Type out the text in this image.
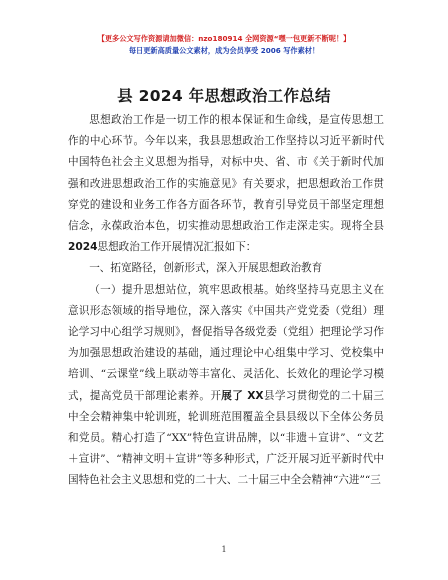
【更多公文写作资源请加微信：nzo180914 全网资源“嘿一包更新不断呢！】
每日更新高质量公文素材，成为会员享受 2006 写作素材！
县 2024 年思想政治工作总结

思想政治工作是一切工作的根本保证和生命线，是宣传思想工作的中心环节。今年以来，我县思想政治工作坚持以习近平新时代中国特色社会主义思想为指导，对标中央、省、市《关于新时代加强和改进思想政治工作的实施意见》有关要求，把思想政治工作贯穿党的建设和业务工作各方面各环节，教育引导党员干部坚定理想信念，永葆政治本色，切实推动思想政治工作走深走实。现将全县2024思想政治工作开展情况汇报如下：

一、拓宽路径，创新形式，深入开展思想政治教育

（一）提升思想站位，筑牢思政根基。始终坚持马克思主义在意识形态领域的指导地位，深入落实《中国共产党党委（党组）理论学习中心组学习规则》，督促指导各级党委（党组）把理论学习作为加强思想政治建设的基础，通过理论中心组集中学习、党校集中培训、“云课堂”线上联动等丰富化、灵活化、长效化的理论学习模式，提高党员干部理论素养。开展了 XX县学习贯彻党的二十届三中全会精神集中轮训班，轮训班范围覆盖全县县级以下全体公务员和党员。精心打造了“XX”特色宣讲品牌，以“非遗＋宣讲”、“文艺＋宣讲”、“精神文明＋宣讲”等多种形式，广泛开展习近平新时代中国特色社会主义思想和党的二十大、二十届三中全会精神“六进”“三

1
